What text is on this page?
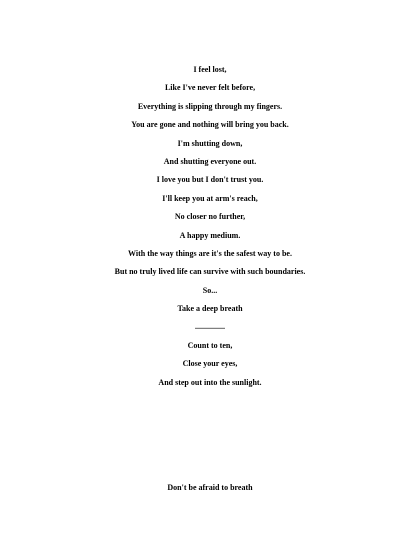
I feel lost,
Like I've never felt before,
Everything is slipping through my fingers.
You are gone and nothing will bring you back.
I'm shutting down,
And shutting everyone out.
I love you but I don't trust you.
I'll keep you at arm's reach,
No closer no further,
A happy medium.
With the way things are it's the safest way to be.
But no truly lived life can survive with such boundaries.
So...
Take a deep breath
...............
Count to ten,
Close your eyes,
And step out into the sunlight.
Don't be afraid to breath
